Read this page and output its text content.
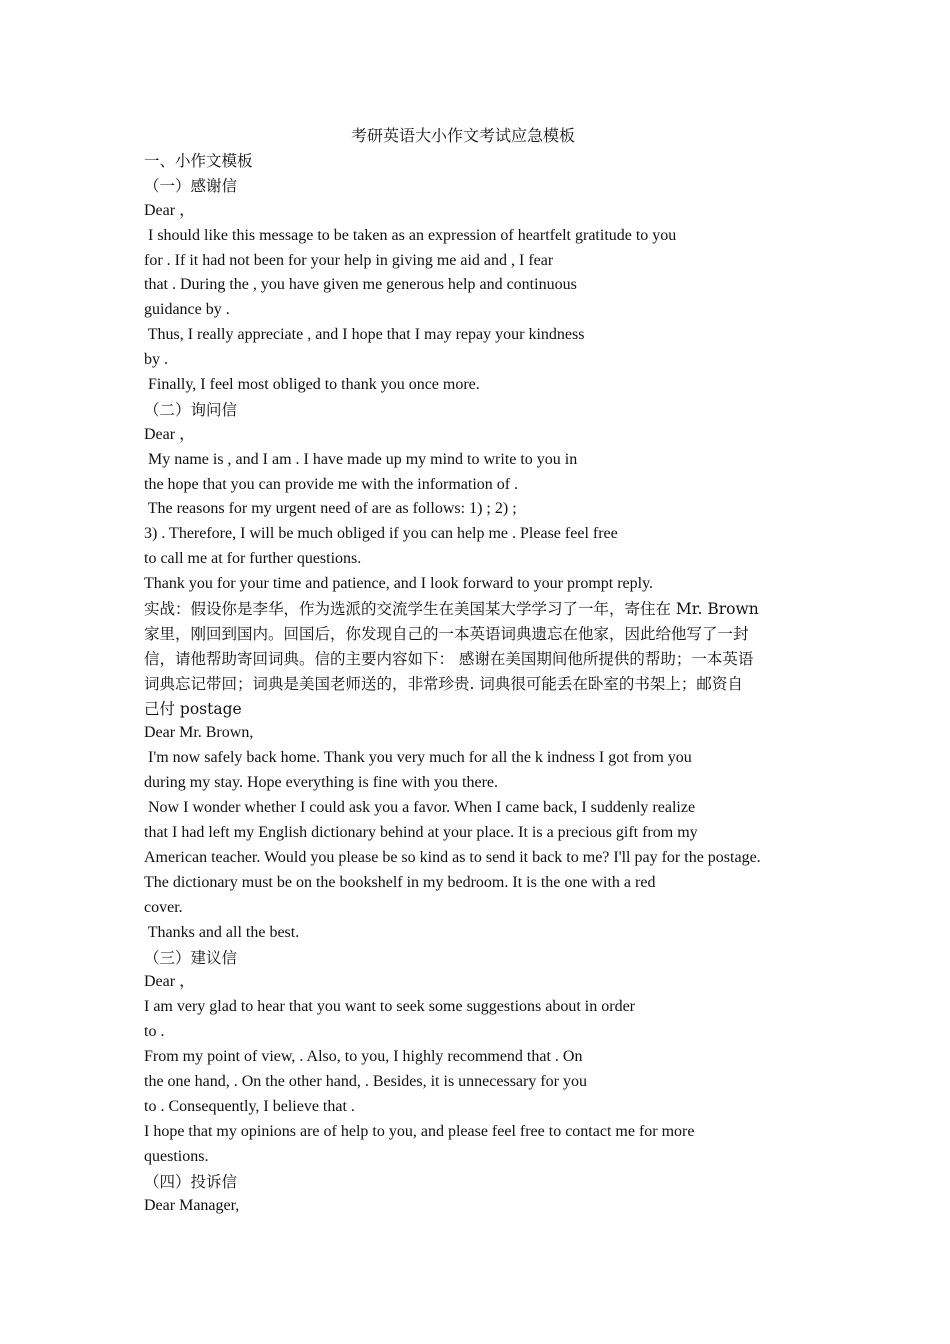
考研英语大小作文考试应急模板
一、小作文模板
（一）感谢信
Dear ，
I should like this message to be taken as an expression of heartfelt gratitude to you
for . If it had not been for your help in giving me aid and , I fear
that . During the , you have given me generous help and continuous
guidance by .
Thus, I really appreciate , and I hope that I may repay your kindness
by .
Finally, I feel most obliged to thank you once more.
（二）询问信
Dear ，
My name is , and I am . I have made up my mind to write to you in
the hope that you can provide me with the information of .
The reasons for my urgent need of are as follows: 1) ; 2) ;
3) . Therefore, I will be much obliged if you can help me . Please feel free
to call me at for further questions.
Thank you for your time and patience, and I look forward to your prompt reply.
实战：假设你是李华，作为选派的交流学生在美国某大学学习了一年，寄住在 Mr. Brown
家里，刚回到国内。回国后，你发现自己的一本英语词典遗忘在他家，因此给他写了一封
信，请他帮助寄回词典。信的主要内容如下： 感谢在美国期间他所提供的帮助；一本英语
词典忘记带回；词典是美国老师送的，非常珍贵. 词典很可能丢在卧室的书架上；邮资自
己付 postage
Dear Mr. Brown,
I'm now safely back home. Thank you very much for all the k indness I got from you
during my stay. Hope everything is fine with you there.
Now I wonder whether I could ask you a favor. When I came back, I suddenly realize
that I had left my English dictionary behind at your place. It is a precious gift from my
American teacher. Would you please be so kind as to send it back to me? I'll pay for the postage.
The dictionary must be on the bookshelf in my bedroom. It is the one with a red
cover.
Thanks and all the best.
（三）建议信
Dear ，
I am very glad to hear that you want to seek some suggestions about in order
to .
From my point of view, . Also, to you, I highly recommend that . On
the one hand, . On the other hand, . Besides, it is unnecessary for you
to . Consequently, I believe that .
I hope that my opinions are of help to you, and please feel free to contact me for more
questions.
（四）投诉信
Dear Manager,
